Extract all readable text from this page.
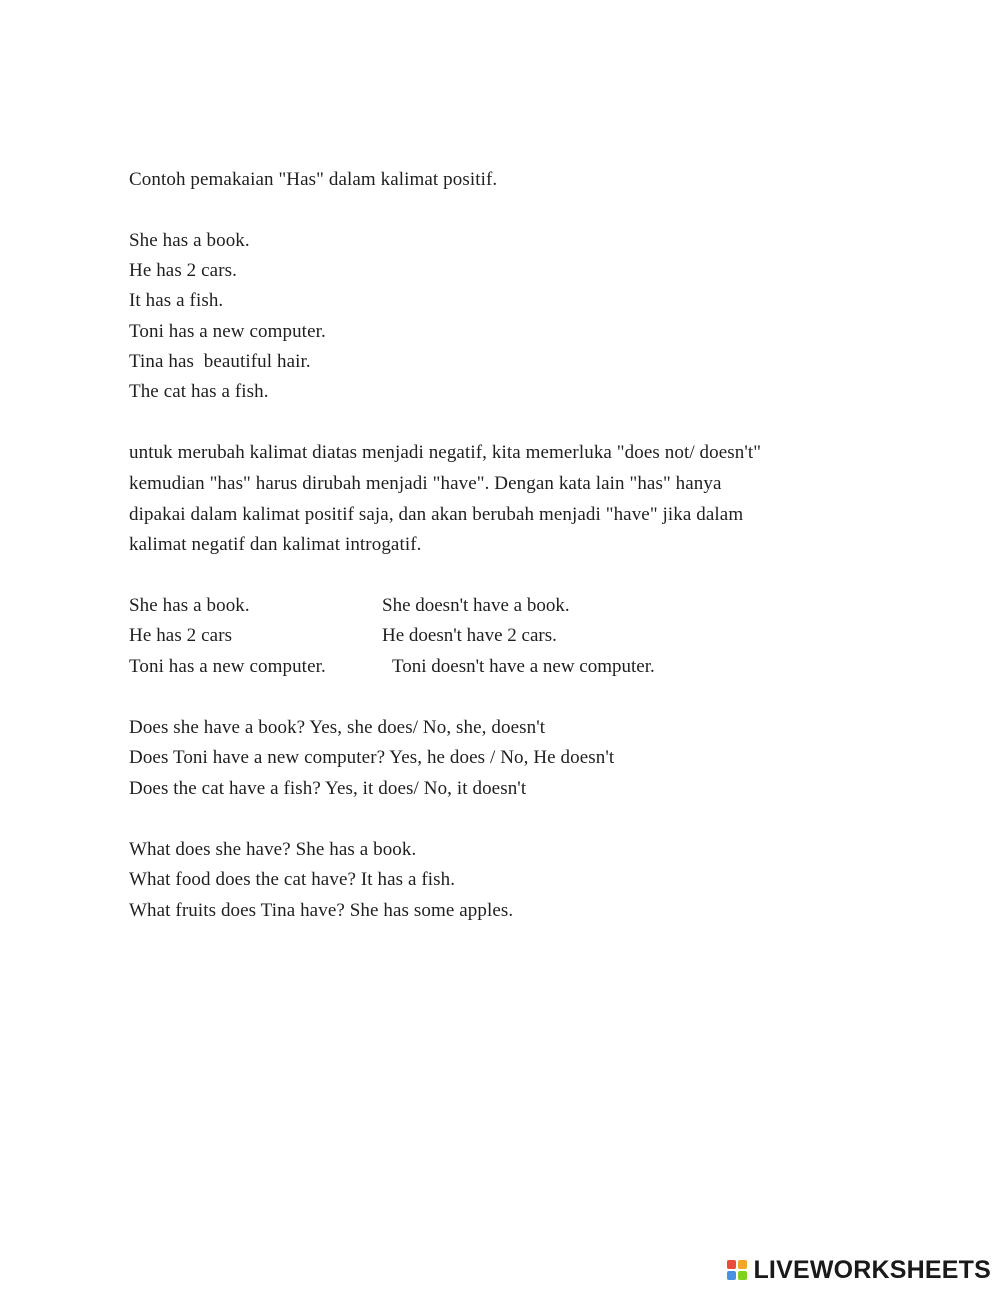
Contoh pemakaian "Has" dalam kalimat positif.
She has a book.
He has 2 cars.
It has a fish.
Toni has a new computer.
Tina has  beautiful hair.
The cat has a fish.
untuk merubah kalimat diatas menjadi negatif, kita memerluka "does not/ doesn't"
kemudian "has" harus dirubah menjadi "have". Dengan kata lain "has" hanya
dipakai dalam kalimat positif saja, dan akan berubah menjadi "have" jika dalam
kalimat negatif dan kalimat introgatif.
She has a book.	She doesn't have a book.
He has 2 cars	He doesn't have 2 cars.
Toni has a new computer.	Toni doesn't have a new computer.
Does she have a book? Yes, she does/ No, she, doesn't
Does Toni have a new computer? Yes, he does / No, He doesn't
Does the cat have a fish? Yes, it does/ No, it doesn't
What does she have? She has a book.
What food does the cat have? It has a fish.
What fruits does Tina have? She has some apples.
LIVEWORKSHEETS
